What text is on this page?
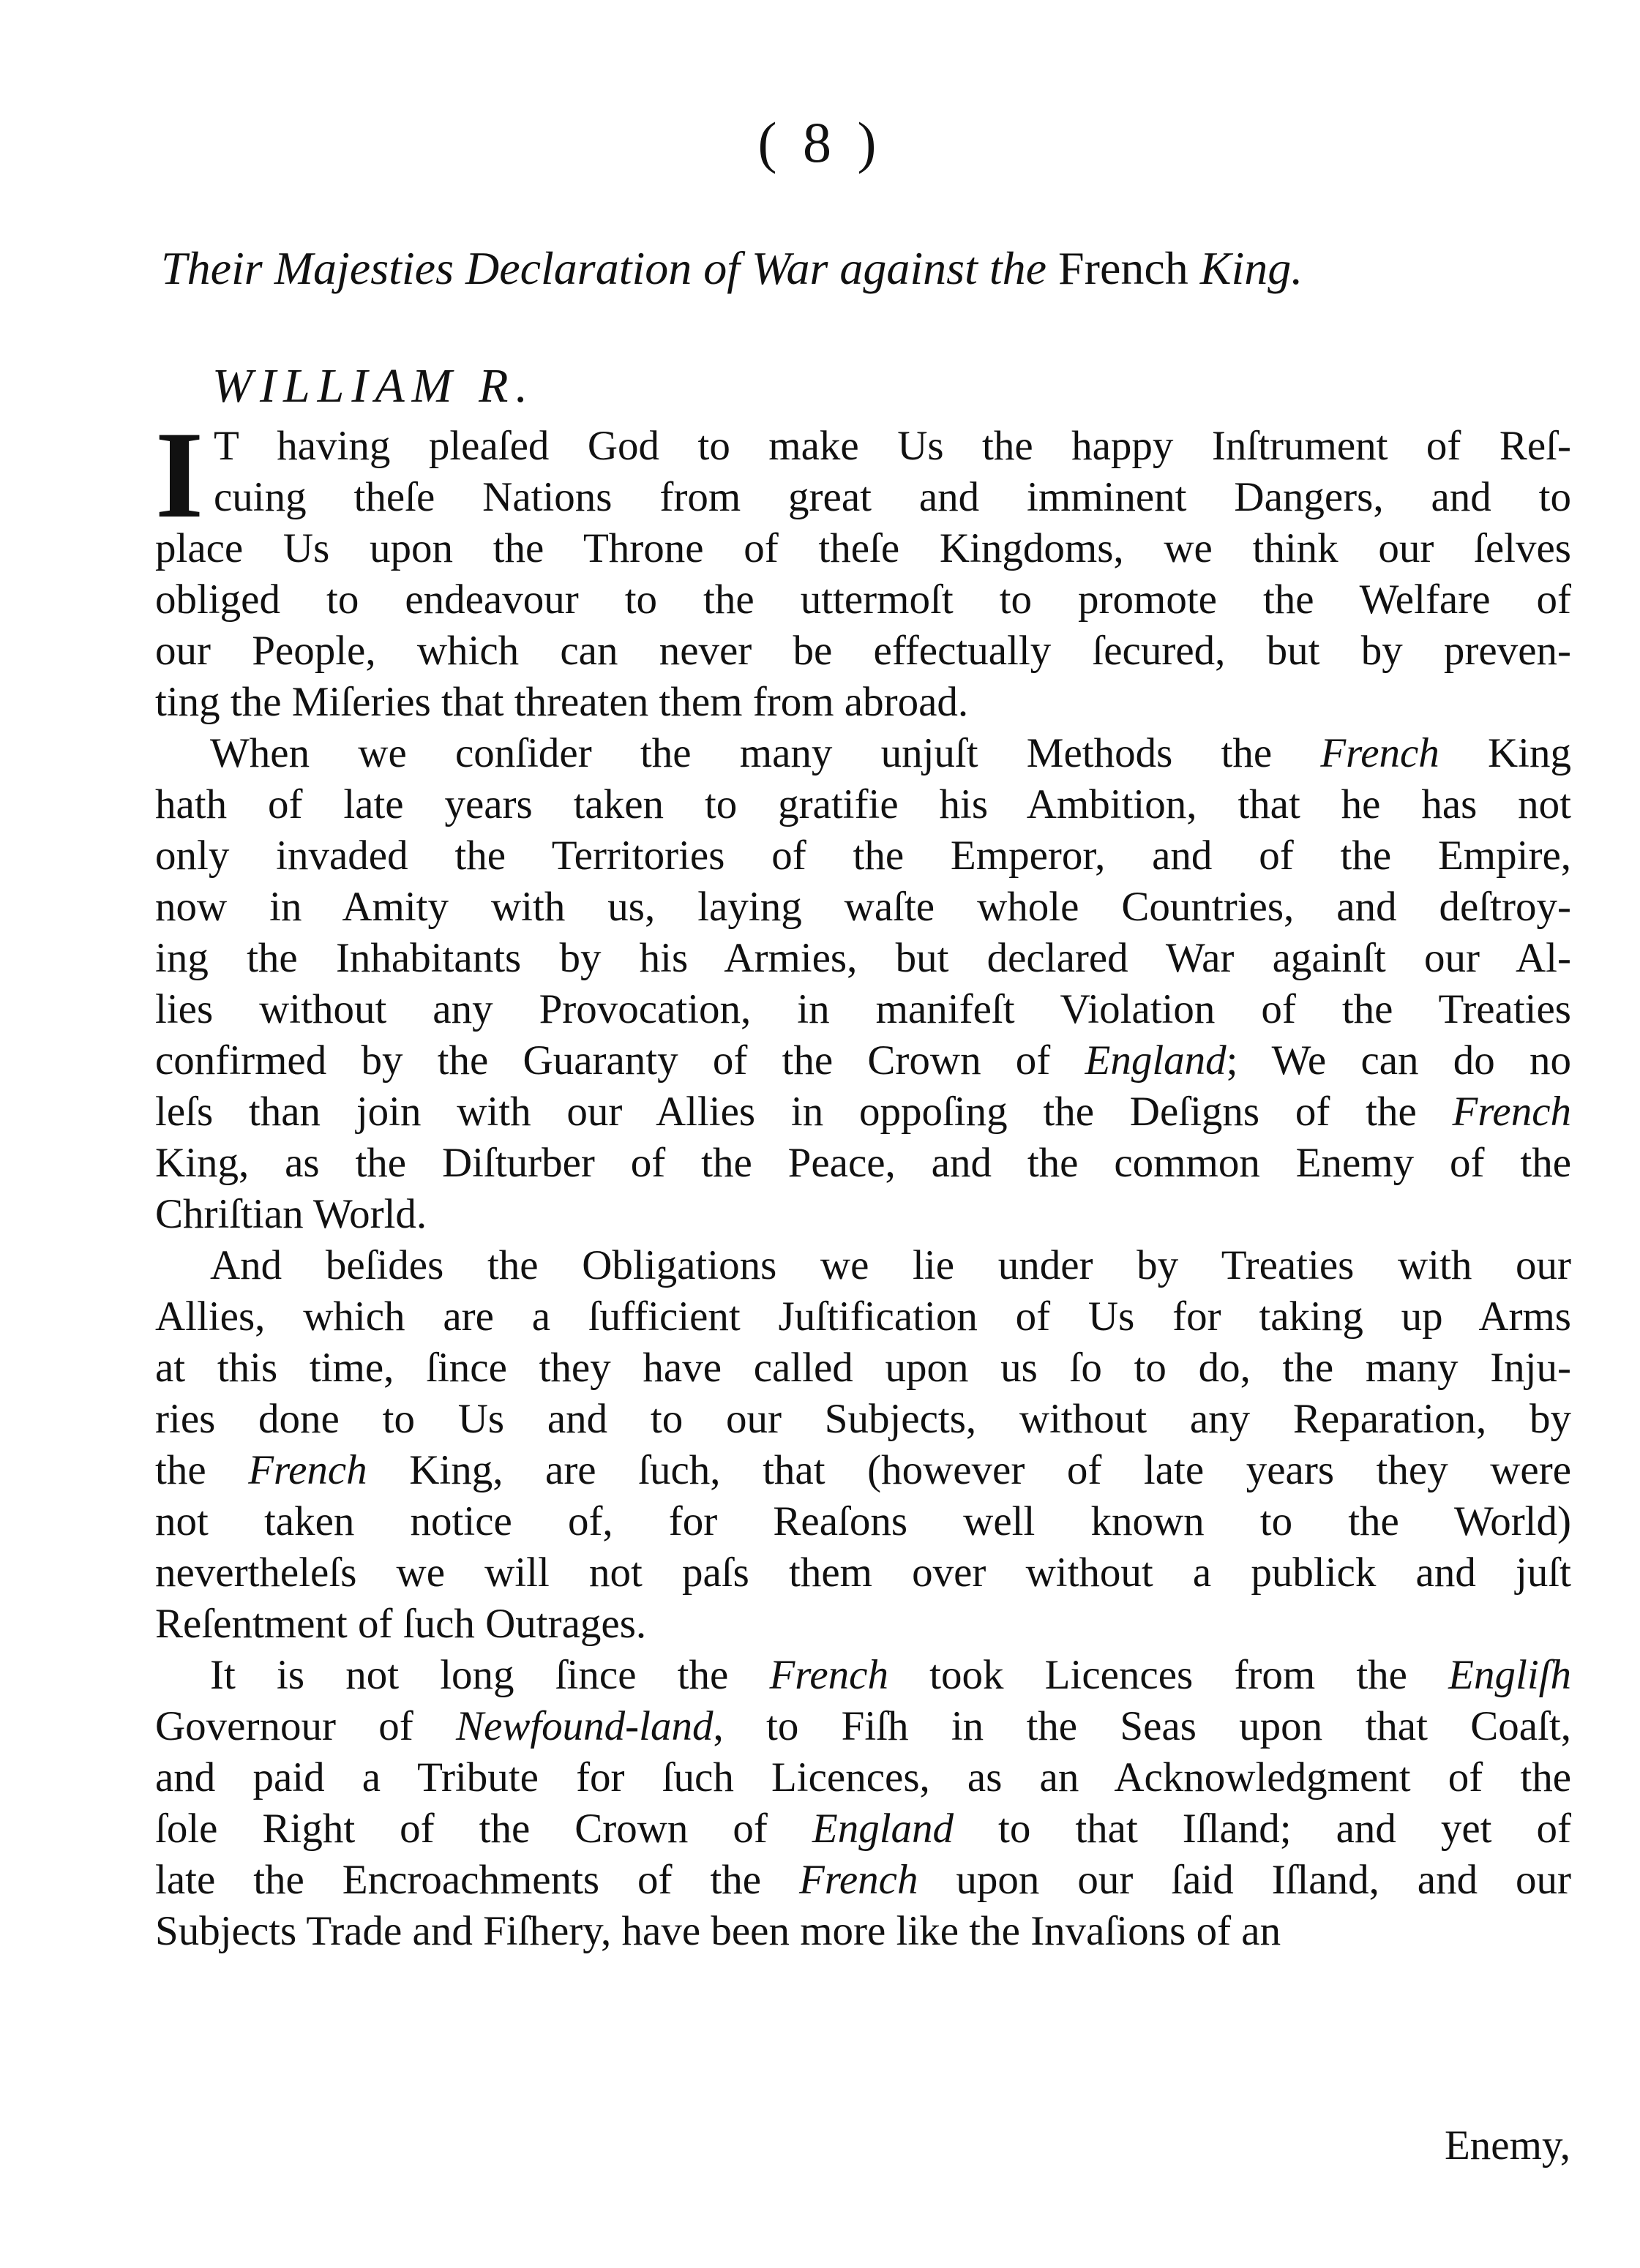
( 8 )
Their Majesties Declaration of War against the French King.
WILLIAM R.
I T having pleaſed God to make Us the happy Inſtrument of Reſ-
cuing theſe Nations from great and imminent Dangers, and to
place Us upon the Throne of theſe Kingdoms, we think our ſelves
obliged to endeavour to the uttermoſt to promote the Welfare of
our People, which can never be effectually ſecured, but by preven-
ting the Miſeries that threaten them from abroad.
When we conſider the many unjuſt Methods the French King
hath of late years taken to gratifie his Ambition, that he has not
only invaded the Territories of the Emperor, and of the Empire,
now in Amity with us, laying waſte whole Countries, and deſtroy-
ing the Inhabitants by his Armies, but declared War againſt our Al-
lies without any Provocation, in manifeſt Violation of the Treaties
confirmed by the Guaranty of the Crown of England; We can do no
leſs than join with our Allies in oppoſing the Deſigns of the French
King, as the Diſturber of the Peace, and the common Enemy of the
Chriſtian World.
And beſides the Obligations we lie under by Treaties with our
Allies, which are a ſufficient Juſtification of Us for taking up Arms
at this time, ſince they have called upon us ſo to do, the many Inju-
ries done to Us and to our Subjects, without any Reparation, by
the French King, are ſuch, that (however of late years they were
not taken notice of, for Reaſons well known to the World)
nevertheleſs we will not paſs them over without a publick and juſt
Reſentment of ſuch Outrages.
It is not long ſince the French took Licences from the Engliſh
Governour of Newfound-land, to Fiſh in the Seas upon that Coaſt,
and paid a Tribute for ſuch Licences, as an Acknowledgment of the
ſole Right of the Crown of England to that Iſland; and yet of
late the Encroachments of the French upon our ſaid Iſland, and our
Subjects Trade and Fiſhery, have been more like the Invaſions of an
Enemy,
